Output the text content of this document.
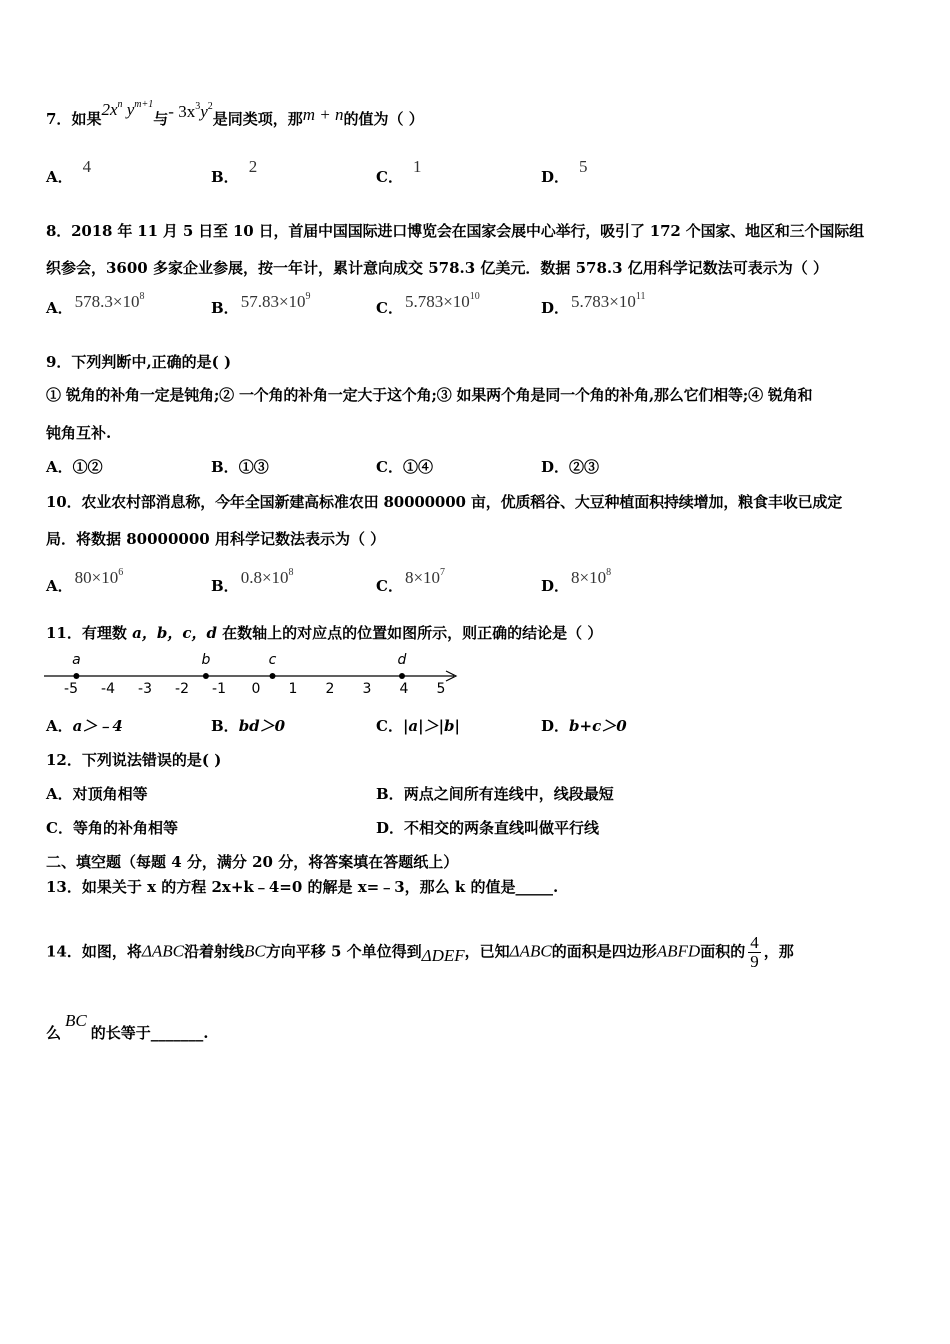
7．如果$2x^n$ $y^{m+1}$与- $3x^3y^2$是同类项，那m + n的值为（ ）
A．4
B．2
C．1
D．5
8．2018 年 11 月 5 日至 10 日，首届中国国际进口博览会在国家会展中心举行，吸引了 172 个国家、地区和三个国际组
织参会，3600 多家企业参展，按一年计，累计意向成交 578.3 亿美元．数据 578.3 亿用科学记数法可表示为（ ）
A． $578.3\times 10^8$
B． $57.83\times 10^9$
C． $5.783\times 10^{10}$
D． $5.783\times 10^{11}$
9．下列判断中,正确的是( )
① 锐角的补角一定是钝角;② 一个角的补角一定大于这个角;③ 如果两个角是同一个角的补角,那么它们相等;④ 锐角和
钝角互补.
A．①②	B．①③	C．①④	D．②③
10．农业农村部消息称，今年全国新建高标准农田 80000000 亩，优质稻谷、大豆种植面积持续增加，粮食丰收已成定
局．将数据 80000000 用科学记数法表示为（ ）
A． $80\times 10^6$
B． $0.8\times 10^8$
C． $8\times 10^7$
D． $8\times 10^8$
11．有理数 a，b，c，d 在数轴上的对应点的位置如图所示，则正确的结论是（ ）
-5 -4 -3 -2 -1 0 1 2 3 4 5
a	b	c	d
A．a＞﹣4	B．bd＞0	C．|a|＞|b|	D．b+c＞0
12．下列说法错误的是( )
A．对顶角相等	B．两点之间所有连线中，线段最短
C．等角的补角相等	D．不相交的两条直线叫做平行线
二、填空题（每题 4 分，满分 20 分，将答案填在答题纸上）
13．如果关于 x 的方程 2x+k﹣4=0 的解是 x=﹣3，那么 k 的值是_____.
14．如图，将ΔABC沿着射线BC方向平移 5 个单位得到ΔDEF，已知ΔABC的面积是四边形ABFD面积的 $\frac{4}{9}$ ，那
么BC的长等于_______.
